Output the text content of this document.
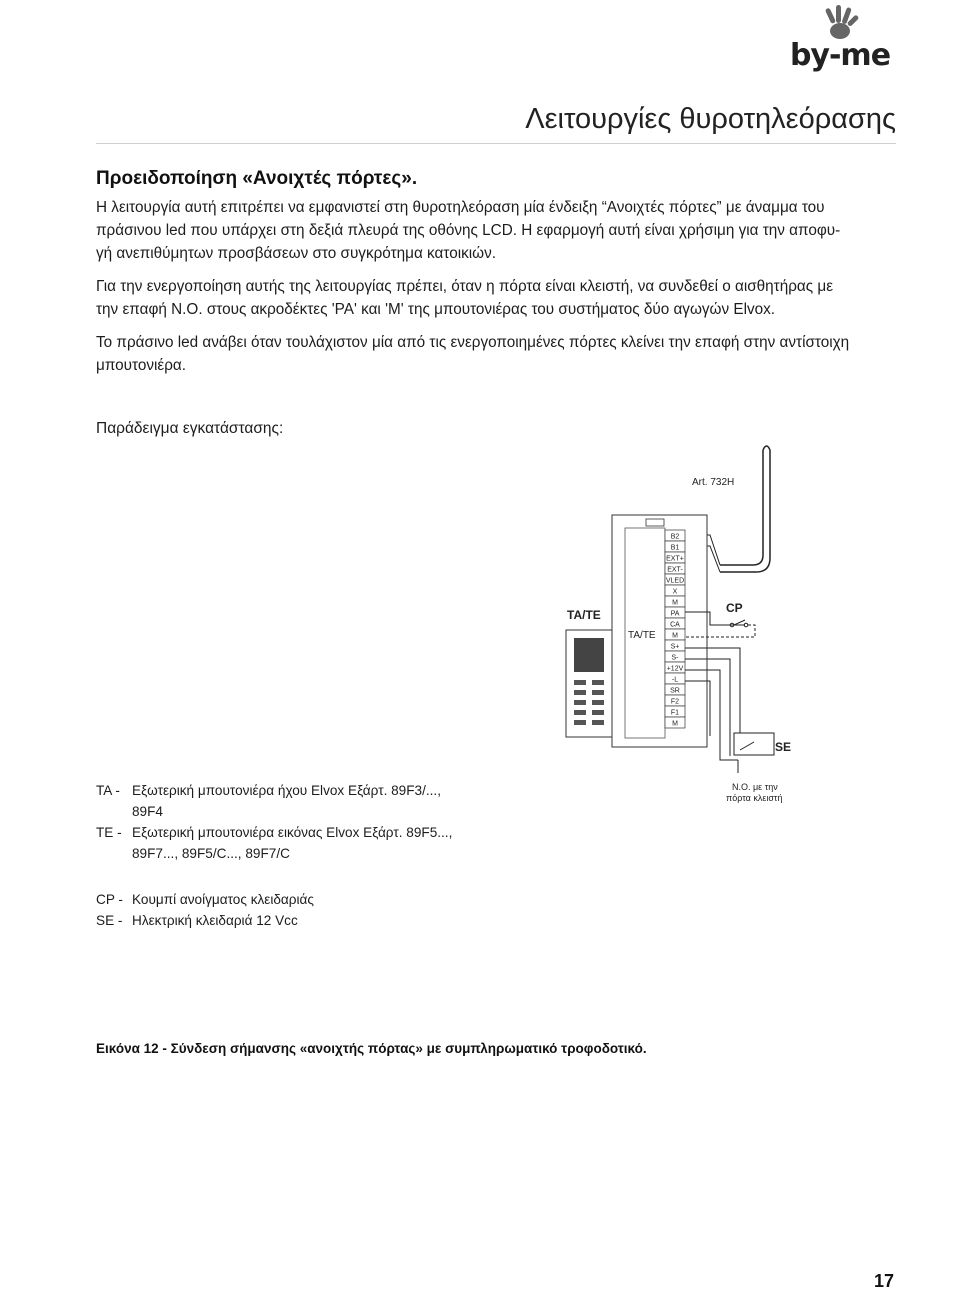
by-me
Λειτουργίες θυροτηλεόρασης
Προειδοποίηση «Ανοιχτές πόρτες».
Η λειτουργία αυτή επιτρέπει να εμφανιστεί στη θυροτηλεόραση μία ένδειξη “Ανοιχτές πόρτες” με άναμμα του
πράσινου led που υπάρχει στη δεξιά πλευρά της οθόνης LCD. Η εφαρμογή αυτή είναι χρήσιμη για την αποφυ-
γή ανεπιθύμητων προσβάσεων στο συγκρότημα κατοικιών.
Για την ενεργοποίηση αυτής της λειτουργίας πρέπει, όταν η πόρτα είναι κλειστή, να συνδεθεί ο αισθητήρας με
την επαφή N.O. στους ακροδέκτες 'PA' και 'M' της μπουτονιέρας του συστήματος δύο αγωγών Elvox.
Το πράσινο led ανάβει όταν τουλάχιστον μία από τις ενεργοποιημένες πόρτες κλείνει την επαφή στην αντίστοιχη
μπουτονιέρα.
Παράδειγμα εγκατάστασης:
Art. 732H
TA/TE
TA/TE
B2
B1
EXT+
EXT-
VLED
X
M
PA
CA
M
S+
S-
+12V
-L
SR
F2
F1
M
CP
SE
N.O. με την
πόρτα κλειστή
TA - Εξωτερική μπουτονιέρα ήχου Elvox Εξάρτ. 89F3/...,
89F4
TE - Εξωτερική μπουτονιέρα εικόνας Elvox Εξάρτ. 89F5...,
89F7..., 89F5/C..., 89F7/C
CP - Κουμπί ανοίγματος κλειδαριάς
SE - Ηλεκτρική κλειδαριά 12 Vcc
Εικόνα 12 - Σύνδεση σήμανσης «ανοιχτής πόρτας» με συμπληρωματικό τροφοδοτικό.
17
